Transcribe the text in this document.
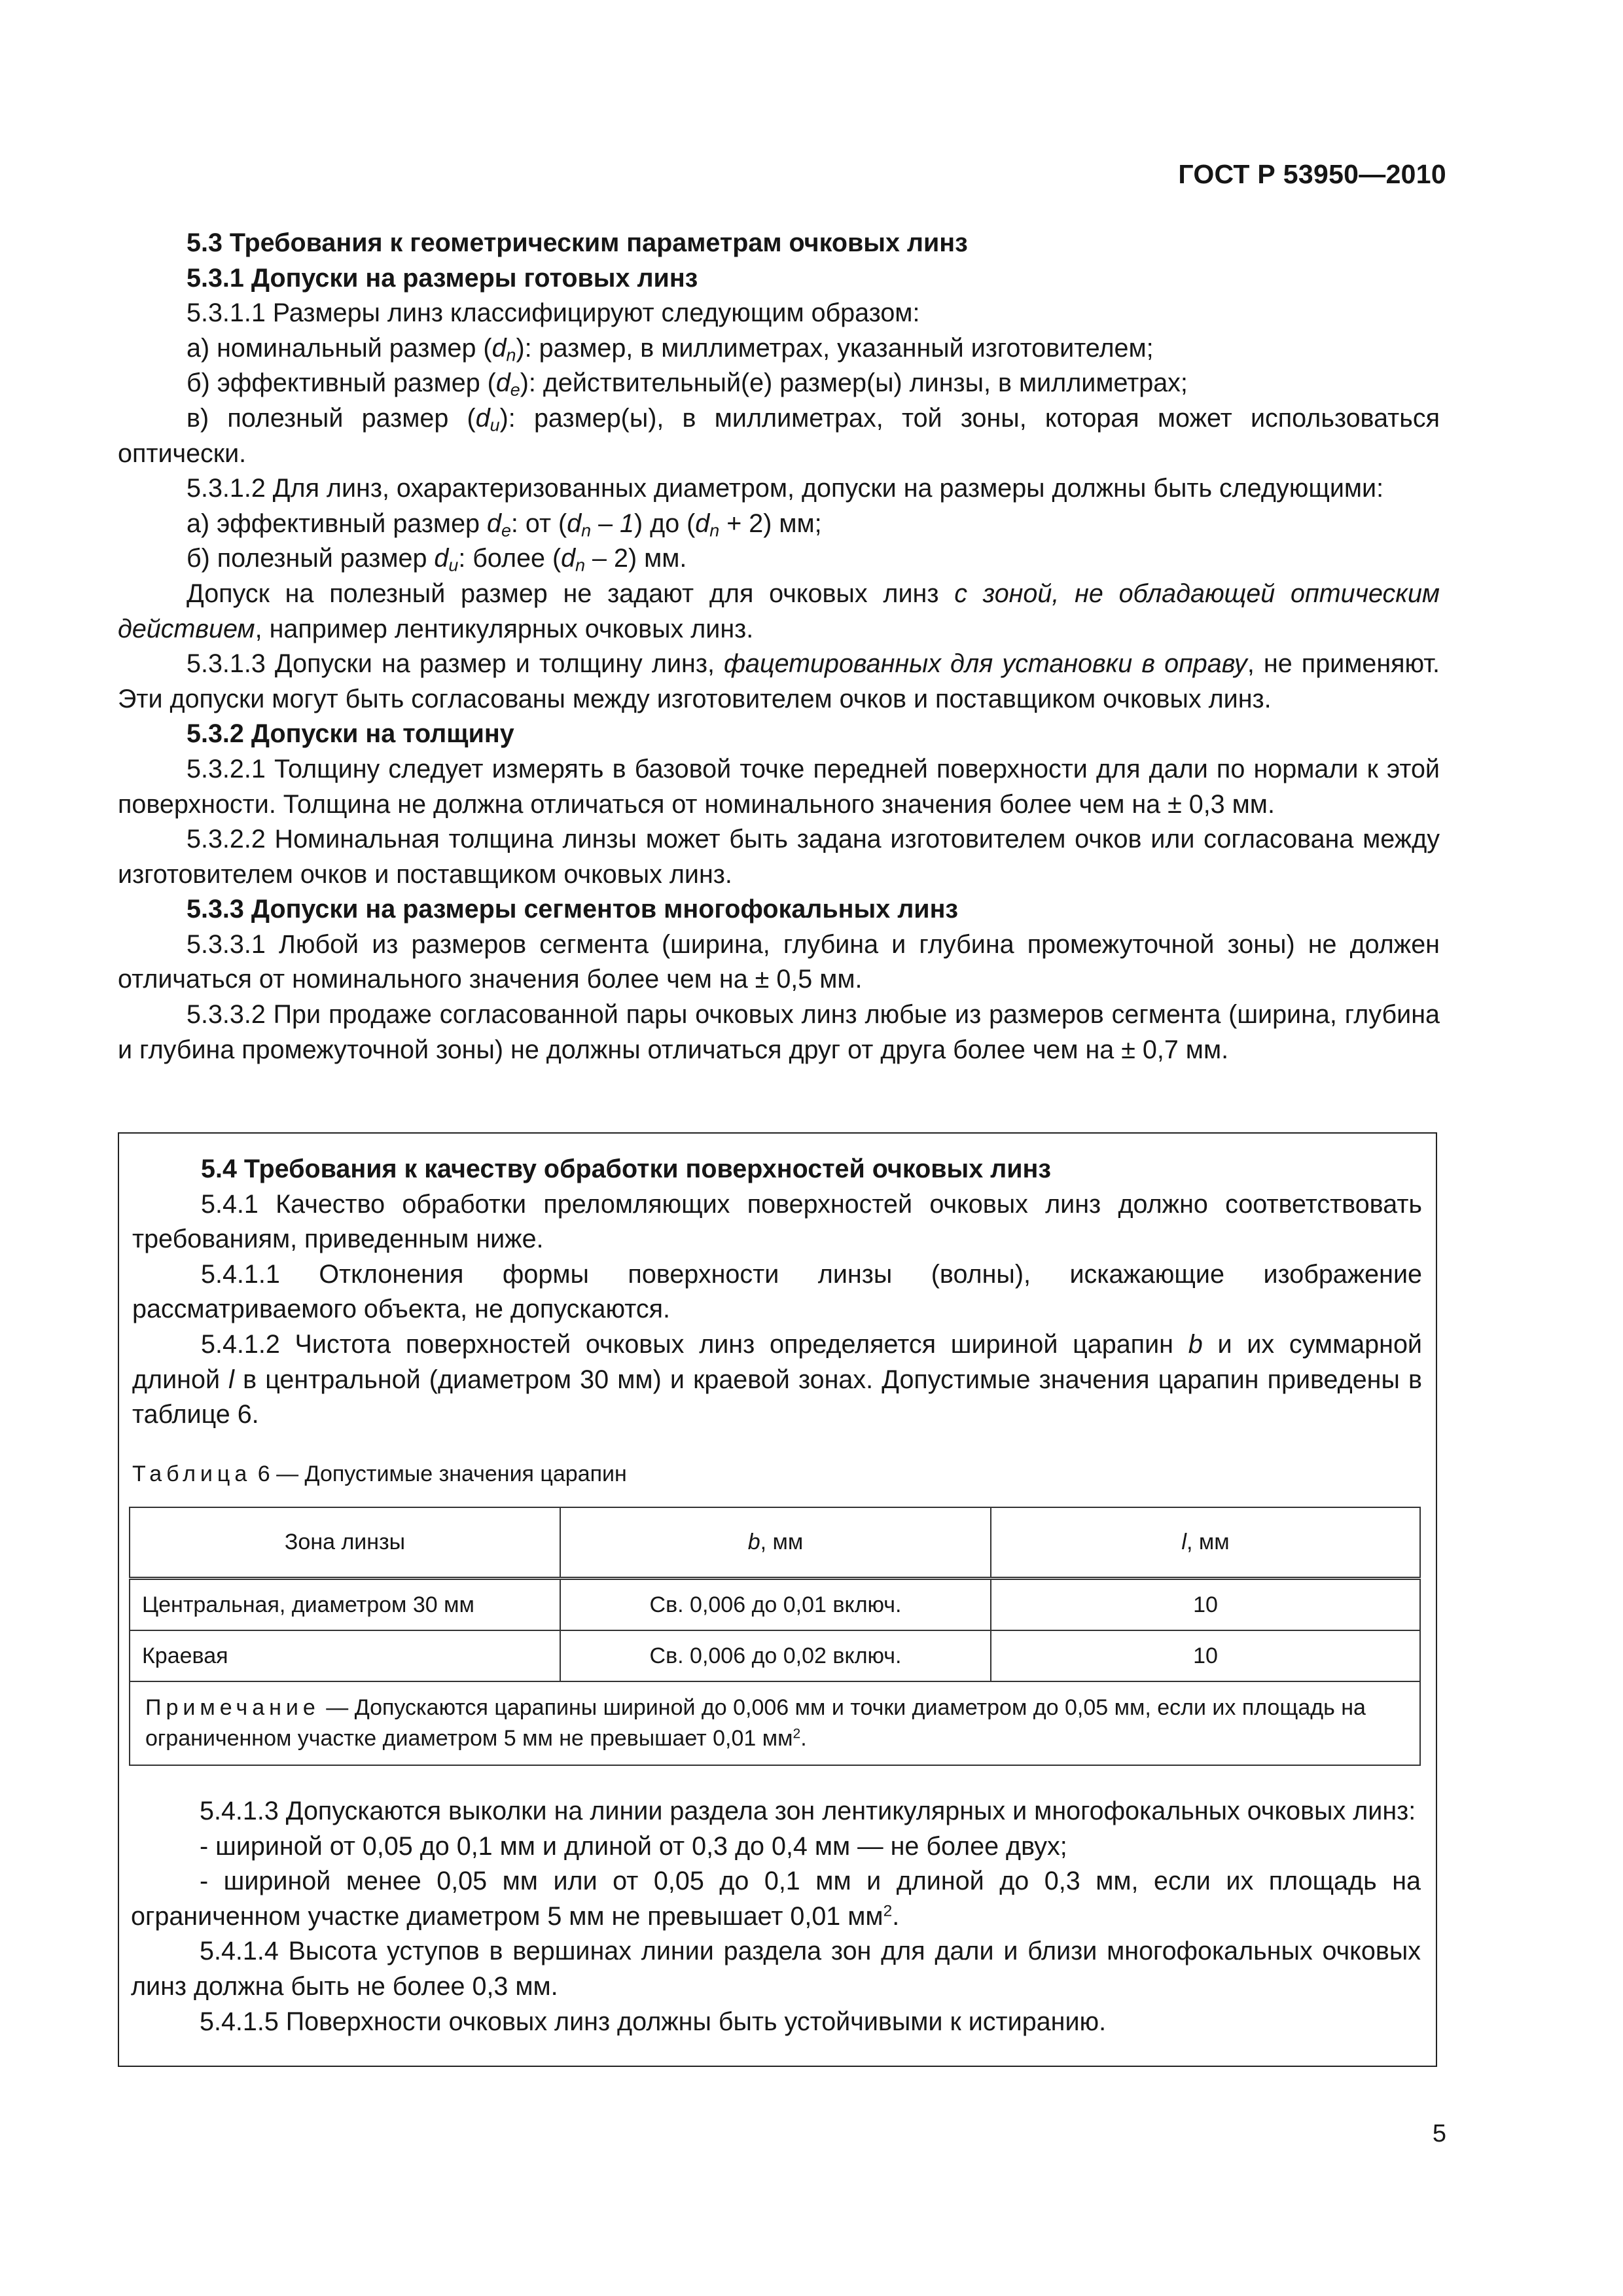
ГОСТ Р 53950—2010

5.3 Требования к геометрическим параметрам очковых линз

5.3.1 Допуски на размеры готовых линз

5.3.1.1 Размеры линз классифицируют следующим образом:

а) номинальный размер $(d_n)$: размер, в миллиметрах, указанный изготовителем;

б) эффективный размер $(d_e)$: действительный(е) размер(ы) линзы, в миллиметрах;

в) полезный размер $(d_u)$: размер(ы), в миллиметрах, той зоны, которая может использоваться оптически.

5.3.1.2 Для линз, охарактеризованных диаметром, допуски на размеры должны быть следующими:

а) эффективный размер $d_e$: от $(d_n - 1)$ до $(d_n + 2)$ мм;

б) полезный размер $d_u$: более $(d_n - 2)$ мм.

Допуск на полезный размер не задают для очковых линз с зоной, не обладающей оптическим действием, например лентикулярных очковых линз.

5.3.1.3 Допуски на размер и толщину линз, фацетированных для установки в оправу, не применяют. Эти допуски могут быть согласованы между изготовителем очков и поставщиком очковых линз.

5.3.2 Допуски на толщину

5.3.2.1 Толщину следует измерять в базовой точке передней поверхности для дали по нормали к этой поверхности. Толщина не должна отличаться от номинального значения более чем на ± 0,3 мм.

5.3.2.2 Номинальная толщина линзы может быть задана изготовителем очков или согласована между изготовителем очков и поставщиком очковых линз.

5.3.3 Допуски на размеры сегментов многофокальных линз

5.3.3.1 Любой из размеров сегмента (ширина, глубина и глубина промежуточной зоны) не должен отличаться от номинального значения более чем на ± 0,5 мм.

5.3.3.2 При продаже согласованной пары очковых линз любые из размеров сегмента (ширина, глубина и глубина промежуточной зоны) не должны отличаться друг от друга более чем на ± 0,7 мм.

5.4 Требования к качеству обработки поверхностей очковых линз

5.4.1 Качество обработки преломляющих поверхностей очковых линз должно соответствовать требованиям, приведенным ниже.

5.4.1.1 Отклонения формы поверхности линзы (волны), искажающие изображение рассматриваемого объекта, не допускаются.

5.4.1.2 Чистота поверхностей очковых линз определяется шириной царапин b и их суммарной длиной l в центральной (диаметром 30 мм) и краевой зонах. Допустимые значения царапин приведены в таблице 6.

Таблица 6 — Допустимые значения царапин
Зона линзы	b, мм	l, мм
Центральная, диаметром 30 мм	Св. 0,006 до 0,01 включ.	10
Краевая	Св. 0,006 до 0,02 включ.	10
Примечание — Допускаются царапины шириной до 0,006 мм и точки диаметром до 0,05 мм, если их площадь на ограниченном участке диаметром 5 мм не превышает 0,01 $мм^2$.		

5.4.1.3 Допускаются выколки на линии раздела зон лентикулярных и многофокальных очковых линз:

- шириной от 0,05 до 0,1 мм и длиной от 0,3 до 0,4 мм — не более двух;

- шириной менее 0,05 мм или от 0,05 до 0,1 мм и длиной до 0,3 мм, если их площадь на ограниченном участке диаметром 5 мм не превышает 0,01 $мм^2$.

5.4.1.4 Высота уступов в вершинах линии раздела зон для дали и близи многофокальных очковых линз должна быть не более 0,3 мм.

5.4.1.5 Поверхности очковых линз должны быть устойчивыми к истиранию.

5
